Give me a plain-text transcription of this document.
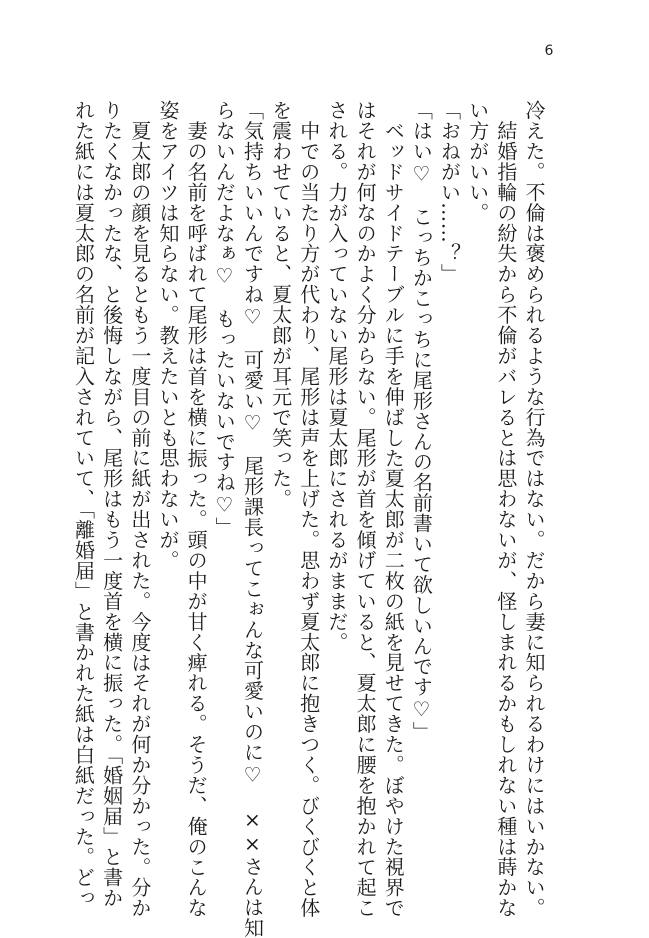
6

冷えた。不倫は褒められるような行為ではない。だから妻に知られるわけにはいかない。

　結婚指輪の紛失から不倫がバレるとは思わないが、怪しまれるかもしれない種は蒔かな
い方がいい。

「おねがい……？」

「はい♡　こっちかこっちに尾形さんの名前書いて欲しいんです♡」

　ベッドサイドテーブルに手を伸ばした夏太郎が二枚の紙を見せてきた。ぼやけた視界で
はそれが何なのかよく分からない。尾形が首を傾げていると、夏太郎に腰を抱かれて起こ
される。力が入っていない尾形は夏太郎にされるがままだ。

　中での当たり方が代わり、尾形は声を上げた。思わず夏太郎に抱きつく。びくびくと体
を震わせていると、夏太郎が耳元で笑った。

「気持ちいいんですね♡　可愛い♡　尾形課長ってこぉんな可愛いのに♡　××さんは知
らないんだよなぁ♡　もったいないですね♡」

　妻の名前を呼ばれて尾形は首を横に振った。頭の中が甘く痺れる。そうだ、俺のこんな
姿をアイツは知らない。教えたいとも思わないが。

　夏太郎の顔を見るともう一度目の前に紙が出された。今度はそれが何か分かった。分か
りたくなかったな、と後悔しながら、尾形はもう一度首を横に振った。「婚姻届」と書か
れた紙には夏太郎の名前が記入されていて、「離婚届」と書かれた紙は白紙だった。どっ
